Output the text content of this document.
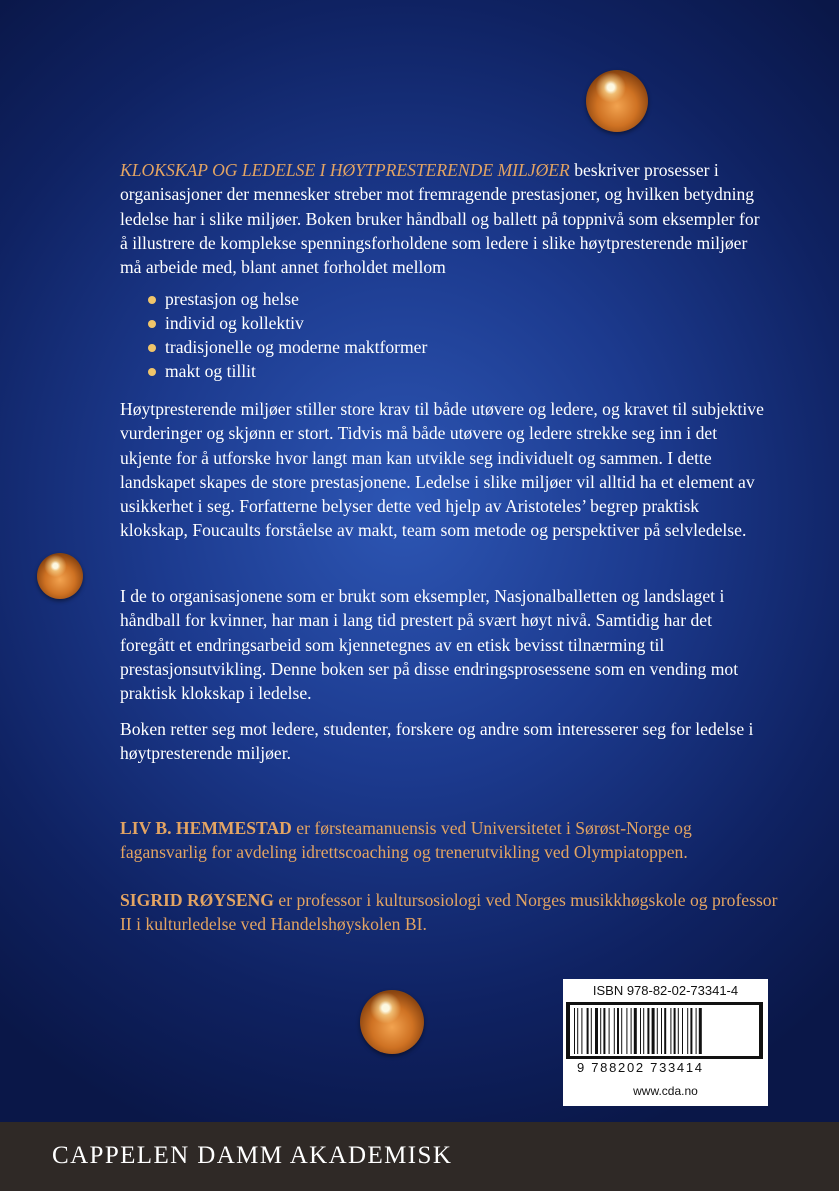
KLOKSKAP OG LEDELSE I HØYTPRESTERENDE MILJØER beskriver prosesser i organisasjoner der mennesker streber mot fremragende prestasjoner, og hvilken betydning ledelse har i slike miljøer. Boken bruker håndball og ballett på toppnivå som eksempler for å illustrere de komplekse spenningsforholdene som ledere i slike høytpresterende miljøer må arbeide med, blant annet forholdet mellom
prestasjon og helse
individ og kollektiv
tradisjonelle og moderne maktformer
makt og tillit
Høytpresterende miljøer stiller store krav til både utøvere og ledere, og kravet til subjektive vurderinger og skjønn er stort. Tidvis må både utøvere og ledere strekke seg inn i det ukjente for å utforske hvor langt man kan utvikle seg individuelt og sammen. I dette landskapet skapes de store prestasjonene. Ledelse i slike miljøer vil alltid ha et element av usikkerhet i seg. Forfatterne belyser dette ved hjelp av Aristoteles’ begrep praktisk klokskap, Foucaults forståelse av makt, team som metode og perspektiver på selvledelse.
I de to organisasjonene som er brukt som eksempler, Nasjonalballetten og landslaget i håndball for kvinner, har man i lang tid prestert på svært høyt nivå. Samtidig har det foregått et endringsarbeid som kjennetegnes av en etisk bevisst tilnærming til prestasjonsutvikling. Denne boken ser på disse endringsprosessene som en vending mot praktisk klokskap i ledelse.
Boken retter seg mot ledere, studenter, forskere og andre som interesserer seg for ledelse i høytpresterende miljøer.
LIV B. HEMMESTAD er førsteamanuensis ved Universitetet i Sørøst-Norge og fagansvarlig for avdeling idrettscoaching og trenerutvikling ved Olympiatoppen.
SIGRID RØYSENG er professor i kultursosiologi ved Norges musikkhøgskole og professor II i kulturledelse ved Handelshøyskolen BI.
ISBN 978-82-02-73341-4
9 788202 733414
www.cda.no
CAPPELEN DAMM AKADEMISK
